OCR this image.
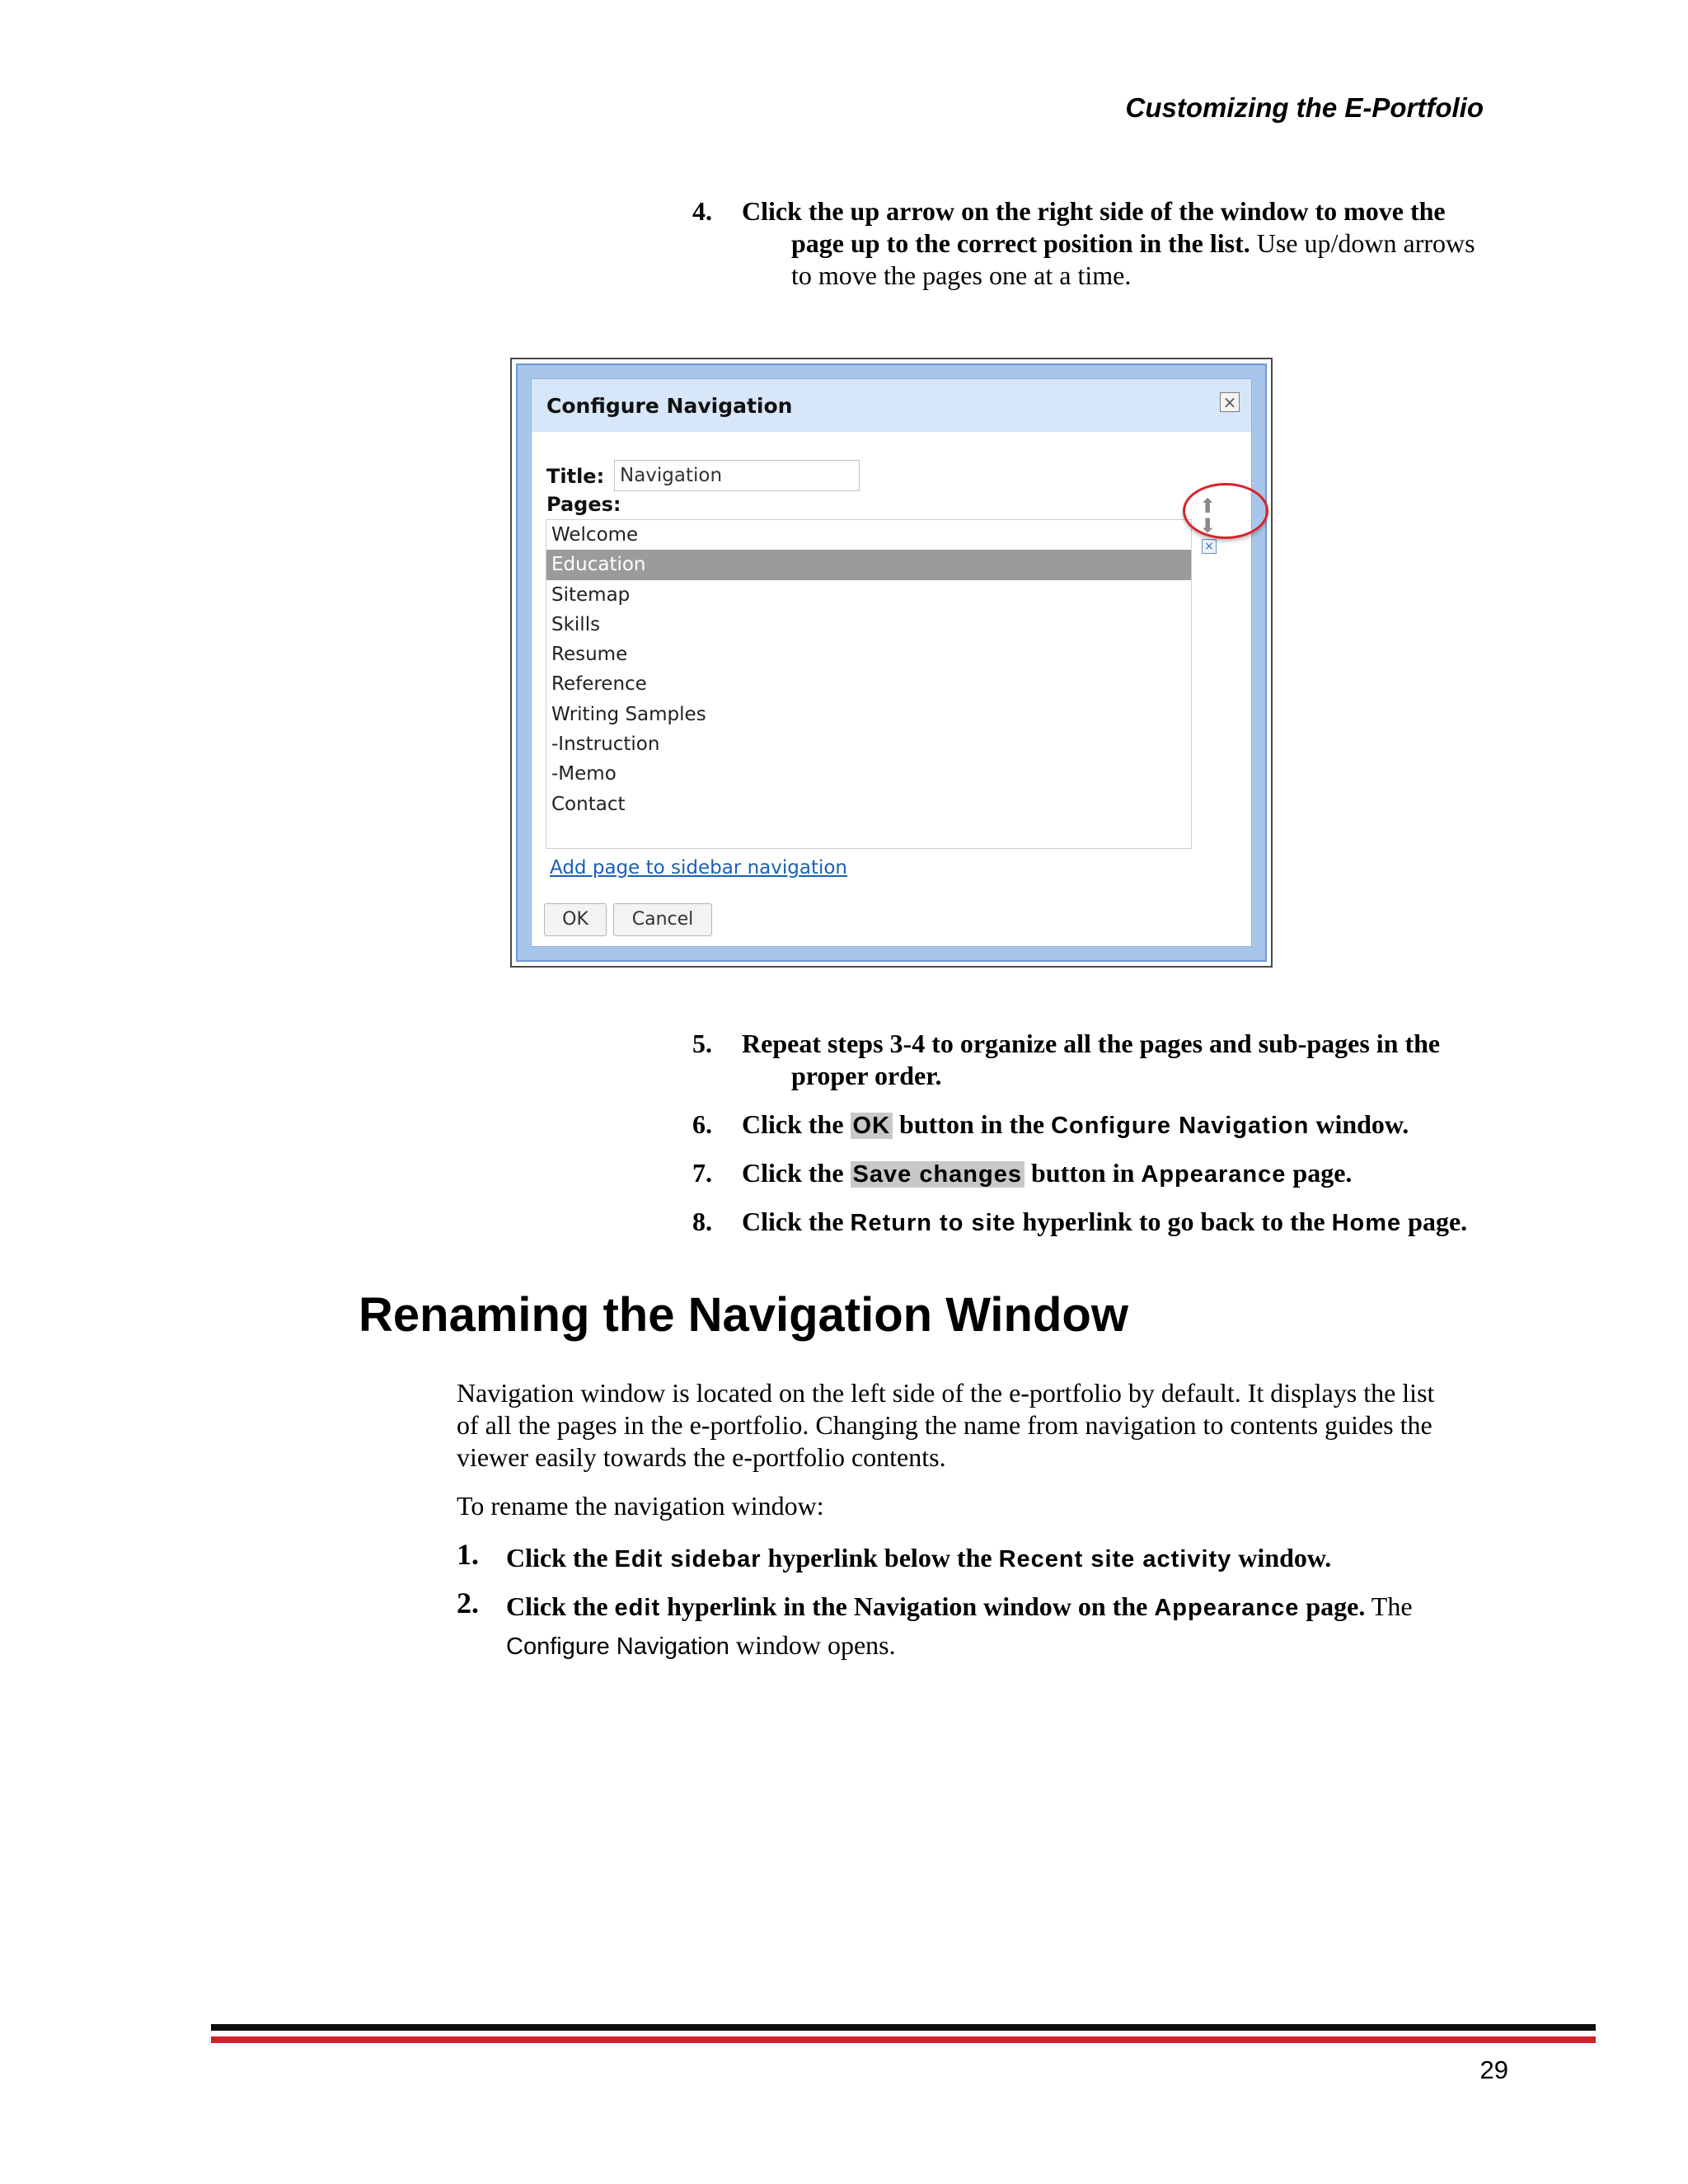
Customizing the E-Portfolio
4. Click the up arrow on the right side of the window to move the
page up to the correct position in the list. Use up/down arrows
to move the pages one at a time.
Configure Navigation	×
Title:
Navigation
Pages:
Welcome
Education
Sitemap
Skills
Resume
Reference
Writing Samples
-Instruction
-Memo
Contact
⬆
⬇
×
Add page to sidebar navigation
OK	Cancel
5. Repeat steps 3-4 to organize all the pages and sub-pages in the
proper order.
6. Click the OK button in the Configure Navigation window.
7. Click the Save changes button in Appearance page.
8. Click the Return to site hyperlink to go back to the Home page.
Renaming the Navigation Window
Navigation window is located on the left side of the e-portfolio by default. It displays the list
of all the pages in the e-portfolio. Changing the name from navigation to contents guides the
viewer easily towards the e-portfolio contents.
To rename the navigation window:
1. Click the Edit sidebar hyperlink below the Recent site activity window.
2. Click the edit hyperlink in the Navigation window on the Appearance page. The
Configure Navigation window opens.
29
